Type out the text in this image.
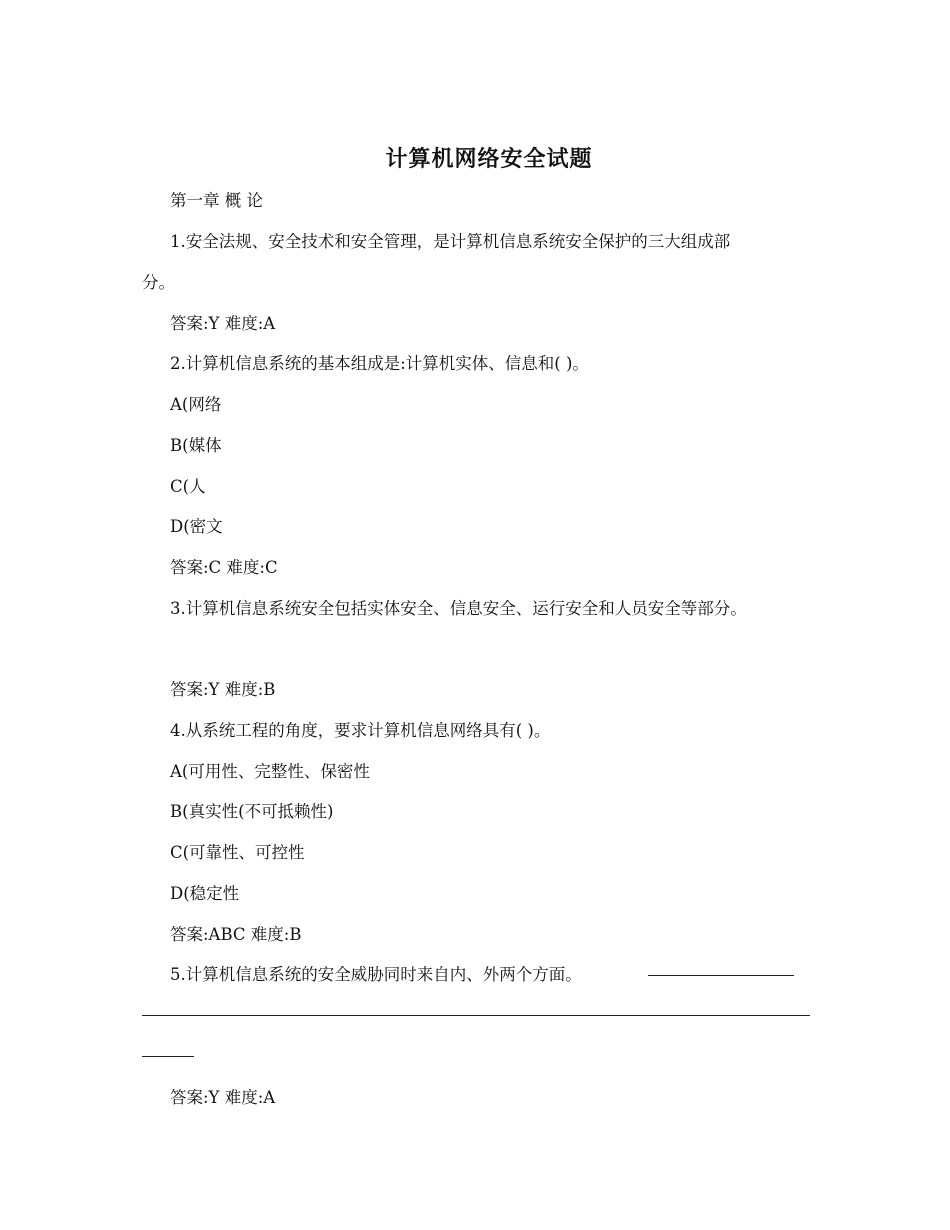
计算机网络安全试题
第一章 概 论
1.安全法规、安全技术和安全管理，是计算机信息系统安全保护的三大组成部
分。
答案:Y 难度:A
2.计算机信息系统的基本组成是:计算机实体、信息和( )。
A(网络
B(媒体
C(人
D(密文
答案:C 难度:C
3.计算机信息系统安全包括实体安全、信息安全、运行安全和人员安全等部分。
答案:Y 难度:B
4.从系统工程的角度，要求计算机信息网络具有( )。
A(可用性、完整性、保密性
B(真实性(不可抵赖性)
C(可靠性、可控性
D(稳定性
答案:ABC 难度:B
5.计算机信息系统的安全威胁同时来自内、外两个方面。
答案:Y 难度:A
